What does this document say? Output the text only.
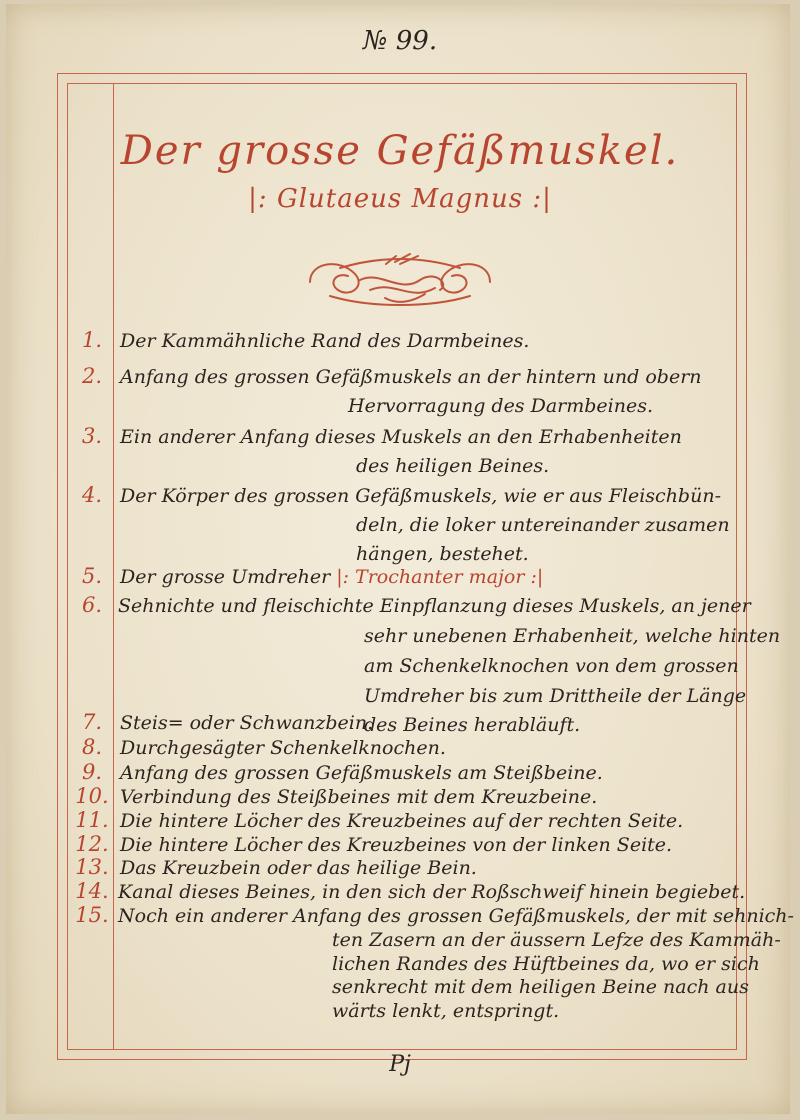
№ 99.
Der grosse Gefäßmuskel.
|: Glutaeus Magnus :|
1. Der Kammähnliche Rand des Darmbeines.
2. Anfang des grossen Gefäßmuskels an der hintern und obern
Hervorragung des Darmbeines.
3. Ein anderer Anfang dieses Muskels an den Erhabenheiten
des heiligen Beines.
4. Der Körper des grossen Gefäßmuskels, wie er aus Fleischbün-
deln, die loker untereinander zusamen
hängen, bestehet.
5. Der grosse Umdreher |: Trochanter major :|
6. Sehnichte und fleischichte Einpflanzung dieses Muskels, an jener
sehr unebenen Erhabenheit, welche hinten
am Schenkelknochen von dem grossen
Umdreher bis zum Drittheile der Länge
des Beines herabläuft.
7. Steis= oder Schwanzbein.
8. Durchgesägter Schenkelknochen.
9. Anfang des grossen Gefäßmuskels am Steißbeine.
10. Verbindung des Steißbeines mit dem Kreuzbeine.
11. Die hintere Löcher des Kreuzbeines auf der rechten Seite.
12. Die hintere Löcher des Kreuzbeines von der linken Seite.
13. Das Kreuzbein oder das heilige Bein.
14. Kanal dieses Beines, in den sich der Roßschweif hinein begiebet.
15. Noch ein anderer Anfang des grossen Gefäßmuskels, der mit sehnich-
ten Zasern an der äussern Lefze des Kammäh-
lichen Randes des Hüftbeines da, wo er sich
senkrecht mit dem heiligen Beine nach aus
wärts lenkt, entspringt.
Pj
